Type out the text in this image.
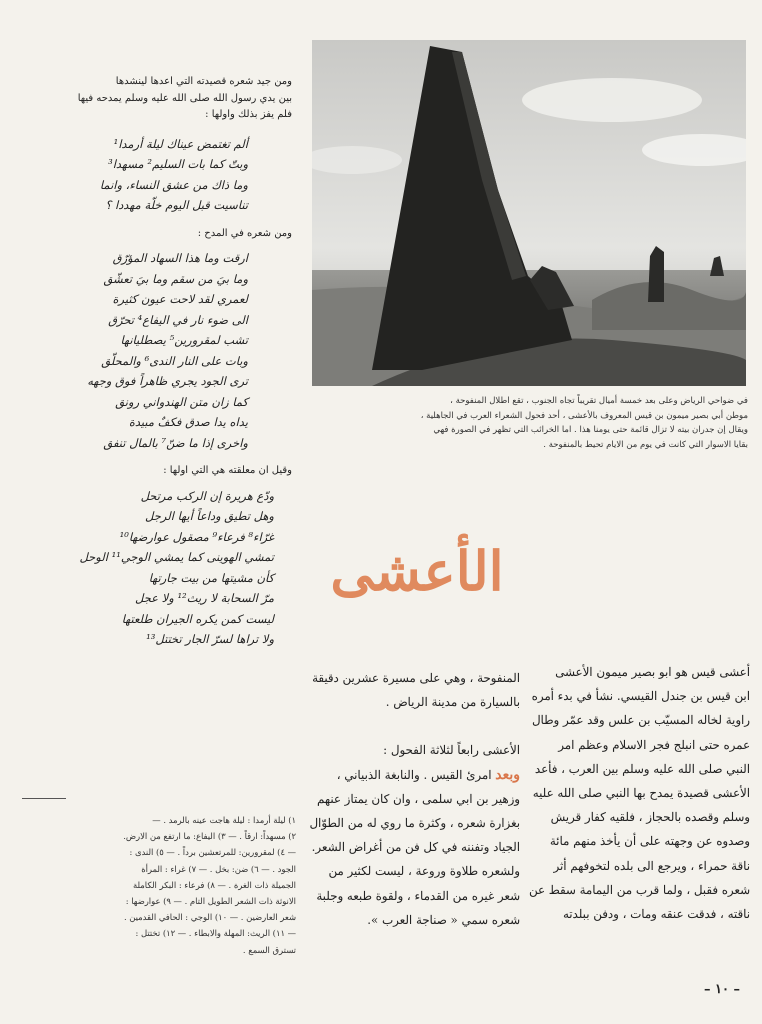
في ضواحي الرياض وعلى بعد خمسة أميال تقريباً تجاه الجنوب ، تقع اطلال المنفوحة ،

موطن أبي بصير ميمون بن قيس المعروف بالأعشى ، أحد فحول الشعراء العرب في الجاهلية ،

ويقال إن جدران بيته لا تزال قائمة حتى يومنا هذا . اما الخرائب التي تظهر في الصورة فهي

بقايا الاسوار التي كانت في يوم من الايام تحيط بالمنفوحة .

ومن جيد شعره قصيدته التي اعدها لينشدها

بين يدي رسول الله صلى الله عليه وسلم يمدحه فيها

فلم يفز بذلك واولها :

ألم تغتمض عيناك ليلة أرمدا¹

وبتّ كما بات السليم² مسهدا³

وما ذاك من عشق النساء، وانما

تناسيت قبل اليوم خلّة مهددا ؟

ومن شعره في المدح :

ارقت وما هذا السهاد المؤرّق

وما بيَ من سقم وما بيَ تعشّق

لعمري لقد لاحت عيون كثيرة

الى ضوء نار في اليفاع⁴ تحرّق

تشب لمقرورين⁵ يصطليانها

وبات على النار الندى⁶ والمحلّق

ترى الجود يجري ظاهراً فوق وجهه

كما زان متن الهندواني رونق

يداه يدا صدق فكفٌ مبيدة

واخرى إذا ما ضنّ⁷ بالمال تنفق

وقيل ان معلقته هي التي اولها :

ودّع هريرة إن الركب مرتحل

وهل تطيق وداعاً أيها الرجل

غرّاء⁸ فرعاء⁹ مصقول عوارضها¹⁰

تمشي الهوينى كما يمشي الوجي¹¹ الوحل

كأن مشيتها من بيت جارتها

مرّ السحابة لا ريث¹² ولا عجل

ليست كمن يكره الجيران طلعتها

ولا تراها لسرّ الجار تختتل¹³

١) ليلة أرمدا : ليلة هاجت عينه بالرمد . —

٢) مسهداً: ارقاً . — ٣) اليفاع: ما ارتفع من الارض.

— ٤) لمقرورين: للمرتعشين برداً . — ٥) الندى :

الجود . — ٦) ضن: بخل . — ٧) غراء : المرأة

الجميلة ذات الغرة . — ٨) فرعاء : البكر الكاملة

الانوثة ذات الشعر الطويل التام . — ٩) عوارضها :

شعر العارضين . — ١٠) الوجي : الحافي القدمين .

— ١١) الريث: المهلة والابطاء . — ١٢) تختتل :

تسترق السمع .

الأعشى

أعشى قيس هو ابو بصير ميمون الأعشى

ابن قيس بن جندل القيسي. نشأ في بدء أمره

راوية لخاله المسيّب بن علس وقد عمّر وطال

عمره حتى انبلج فجر الاسلام وعظم امر

النبي صلى الله عليه وسلم بين العرب ، فأعد

الأعشى قصيدة يمدح بها النبي صلى الله عليه

وسلم وقصده بالحجاز ، فلقيه كفار قريش

وصدوه عن وجهته على أن يأخذ منهم مائة

ناقة حمراء ، ويرجع الى بلده لتخوفهم أثر

شعره فقبل ، ولما قرب من اليمامة سقط عن

ناقته ، فدقت عنقه ومات ، ودفن ببلدته

المنفوحة ، وهي على مسيرة عشرين دقيقة

بالسيارة من مدينة الرياض .

الأعشى رابعاً لثلاثة الفحول :

وبعد امرئ القيس . والنابغة الذبياني ،

وزهير بن ابي سلمى ، وان كان يمتاز عنهم

بغزارة شعره ، وكثرة ما روي له من الطوّال

الجياد وتفننه في كل فن من أغراض الشعر.

ولشعره طلاوة وروعة ، ليست لكثير من

شعر غيره من القدماء ، ولقوة طبعه وجلبة

شعره سمي « صناجة العرب ».

– ١٠ –
